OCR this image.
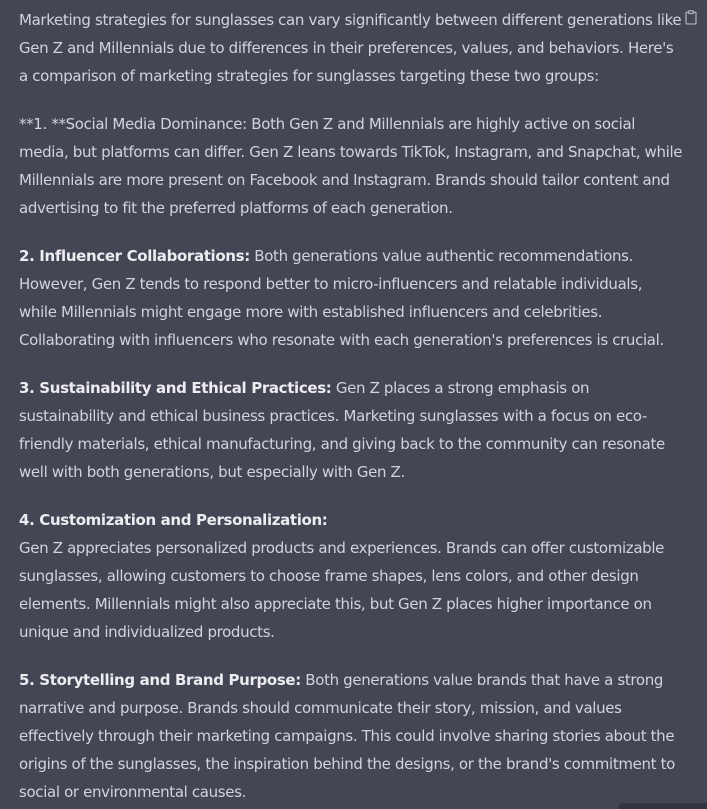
Marketing strategies for sunglasses can vary significantly between different generations like Gen Z and Millennials due to differences in their preferences, values, and behaviors. Here's a comparison of marketing strategies for sunglasses targeting these two groups:

**1. **Social Media Dominance: Both Gen Z and Millennials are highly active on social media, but platforms can differ. Gen Z leans towards TikTok, Instagram, and Snapchat, while Millennials are more present on Facebook and Instagram. Brands should tailor content and advertising to fit the preferred platforms of each generation.

2. Influencer Collaborations: Both generations value authentic recommendations. However, Gen Z tends to respond better to micro-influencers and relatable individuals, while Millennials might engage more with established influencers and celebrities. Collaborating with influencers who resonate with each generation's preferences is crucial.

3. Sustainability and Ethical Practices: Gen Z places a strong emphasis on sustainability and ethical business practices. Marketing sunglasses with a focus on eco-friendly materials, ethical manufacturing, and giving back to the community can resonate well with both generations, but especially with Gen Z.

4. Customization and Personalization:
Gen Z appreciates personalized products and experiences. Brands can offer customizable sunglasses, allowing customers to choose frame shapes, lens colors, and other design elements. Millennials might also appreciate this, but Gen Z places higher importance on unique and individualized products.

5. Storytelling and Brand Purpose: Both generations value brands that have a strong narrative and purpose. Brands should communicate their story, mission, and values effectively through their marketing campaigns. This could involve sharing stories about the origins of the sunglasses, the inspiration behind the designs, or the brand's commitment to social or environmental causes.
